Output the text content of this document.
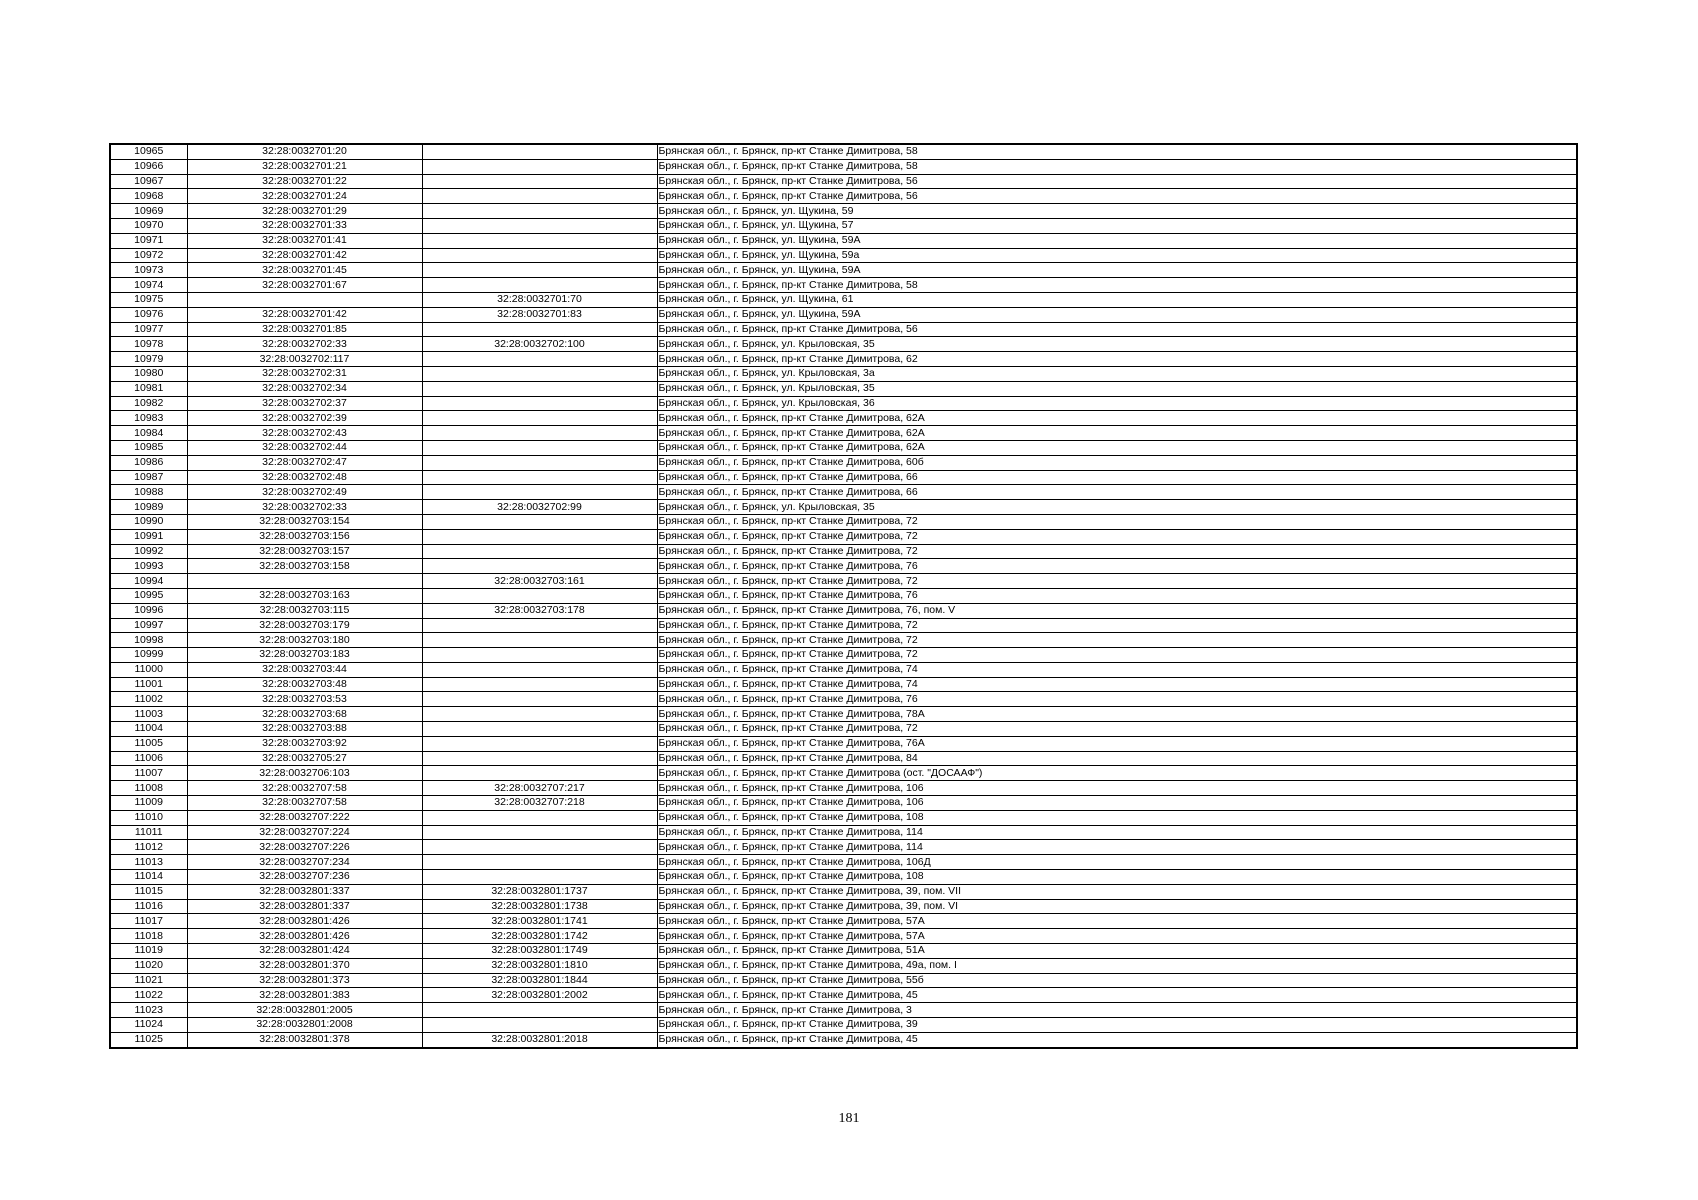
10965	32:28:0032701:20		Брянская обл., г. Брянск, пр-кт Станке Димитрова, 58
10966	32:28:0032701:21		Брянская обл., г. Брянск, пр-кт Станке Димитрова, 58
10967	32:28:0032701:22		Брянская обл., г. Брянск, пр-кт Станке Димитрова, 56
10968	32:28:0032701:24		Брянская обл., г. Брянск, пр-кт Станке Димитрова, 56
10969	32:28:0032701:29		Брянская обл., г. Брянск, ул. Щукина, 59
10970	32:28:0032701:33		Брянская обл., г. Брянск, ул. Щукина, 57
10971	32:28:0032701:41		Брянская обл., г. Брянск, ул. Щукина, 59А
10972	32:28:0032701:42		Брянская обл., г. Брянск, ул. Щукина, 59а
10973	32:28:0032701:45		Брянская обл., г. Брянск, ул. Щукина, 59А
10974	32:28:0032701:67		Брянская обл., г. Брянск, пр-кт Станке Димитрова, 58
10975		32:28:0032701:70	Брянская обл., г. Брянск, ул. Щукина, 61
10976	32:28:0032701:42	32:28:0032701:83	Брянская обл., г. Брянск, ул. Щукина, 59А
10977	32:28:0032701:85		Брянская обл., г. Брянск, пр-кт Станке Димитрова, 56
10978	32:28:0032702:33	32:28:0032702:100	Брянская обл., г. Брянск, ул. Крыловская, 35
10979	32:28:0032702:117		Брянская обл., г. Брянск, пр-кт Станке Димитрова, 62
10980	32:28:0032702:31		Брянская обл., г. Брянск, ул. Крыловская, 3а
10981	32:28:0032702:34		Брянская обл., г. Брянск, ул. Крыловская, 35
10982	32:28:0032702:37		Брянская обл., г. Брянск, ул. Крыловская, 36
10983	32:28:0032702:39		Брянская обл., г. Брянск, пр-кт Станке Димитрова, 62А
10984	32:28:0032702:43		Брянская обл., г. Брянск, пр-кт Станке Димитрова, 62А
10985	32:28:0032702:44		Брянская обл., г. Брянск, пр-кт Станке Димитрова, 62А
10986	32:28:0032702:47		Брянская обл., г. Брянск, пр-кт Станке Димитрова, 60б
10987	32:28:0032702:48		Брянская обл., г. Брянск, пр-кт Станке Димитрова, 66
10988	32:28:0032702:49		Брянская обл., г. Брянск, пр-кт Станке Димитрова, 66
10989	32:28:0032702:33	32:28:0032702:99	Брянская обл., г. Брянск, ул. Крыловская, 35
10990	32:28:0032703:154		Брянская обл., г. Брянск, пр-кт Станке Димитрова, 72
10991	32:28:0032703:156		Брянская обл., г. Брянск, пр-кт Станке Димитрова, 72
10992	32:28:0032703:157		Брянская обл., г. Брянск, пр-кт Станке Димитрова, 72
10993	32:28:0032703:158		Брянская обл., г. Брянск, пр-кт Станке Димитрова, 76
10994		32:28:0032703:161	Брянская обл., г. Брянск, пр-кт Станке Димитрова, 72
10995	32:28:0032703:163		Брянская обл., г. Брянск, пр-кт Станке Димитрова, 76
10996	32:28:0032703:115	32:28:0032703:178	Брянская обл., г. Брянск, пр-кт Станке Димитрова, 76, пом. V
10997	32:28:0032703:179		Брянская обл., г. Брянск, пр-кт Станке Димитрова, 72
10998	32:28:0032703:180		Брянская обл., г. Брянск, пр-кт Станке Димитрова, 72
10999	32:28:0032703:183		Брянская обл., г. Брянск, пр-кт Станке Димитрова, 72
11000	32:28:0032703:44		Брянская обл., г. Брянск, пр-кт Станке Димитрова, 74
11001	32:28:0032703:48		Брянская обл., г. Брянск, пр-кт Станке Димитрова, 74
11002	32:28:0032703:53		Брянская обл., г. Брянск, пр-кт Станке Димитрова, 76
11003	32:28:0032703:68		Брянская обл., г. Брянск, пр-кт Станке Димитрова, 78А
11004	32:28:0032703:88		Брянская обл., г. Брянск, пр-кт Станке Димитрова, 72
11005	32:28:0032703:92		Брянская обл., г. Брянск, пр-кт Станке Димитрова, 76А
11006	32:28:0032705:27		Брянская обл., г. Брянск, пр-кт Станке Димитрова, 84
11007	32:28:0032706:103		Брянская обл., г. Брянск, пр-кт Станке Димитрова (ост. "ДОСААФ")
11008	32:28:0032707:58	32:28:0032707:217	Брянская обл., г. Брянск, пр-кт Станке Димитрова, 106
11009	32:28:0032707:58	32:28:0032707:218	Брянская обл., г. Брянск, пр-кт Станке Димитрова, 106
11010	32:28:0032707:222		Брянская обл., г. Брянск, пр-кт Станке Димитрова, 108
11011	32:28:0032707:224		Брянская обл., г. Брянск, пр-кт Станке Димитрова, 114
11012	32:28:0032707:226		Брянская обл., г. Брянск, пр-кт Станке Димитрова, 114
11013	32:28:0032707:234		Брянская обл., г. Брянск, пр-кт Станке Димитрова, 106Д
11014	32:28:0032707:236		Брянская обл., г. Брянск, пр-кт Станке Димитрова, 108
11015	32:28:0032801:337	32:28:0032801:1737	Брянская обл., г. Брянск, пр-кт Станке Димитрова, 39, пом. VII
11016	32:28:0032801:337	32:28:0032801:1738	Брянская обл., г. Брянск, пр-кт Станке Димитрова, 39, пом. VI
11017	32:28:0032801:426	32:28:0032801:1741	Брянская обл., г. Брянск, пр-кт Станке Димитрова, 57А
11018	32:28:0032801:426	32:28:0032801:1742	Брянская обл., г. Брянск, пр-кт Станке Димитрова, 57А
11019	32:28:0032801:424	32:28:0032801:1749	Брянская обл., г. Брянск, пр-кт Станке Димитрова, 51А
11020	32:28:0032801:370	32:28:0032801:1810	Брянская обл., г. Брянск, пр-кт Станке Димитрова, 49а, пом. I
11021	32:28:0032801:373	32:28:0032801:1844	Брянская обл., г. Брянск, пр-кт Станке Димитрова, 55б
11022	32:28:0032801:383	32:28:0032801:2002	Брянская обл., г. Брянск, пр-кт Станке Димитрова, 45
11023	32:28:0032801:2005		Брянская обл., г. Брянск, пр-кт Станке Димитрова, 3
11024	32:28:0032801:2008		Брянская обл., г. Брянск, пр-кт Станке Димитрова, 39
11025	32:28:0032801:378	32:28:0032801:2018	Брянская обл., г. Брянск, пр-кт Станке Димитрова, 45
181
